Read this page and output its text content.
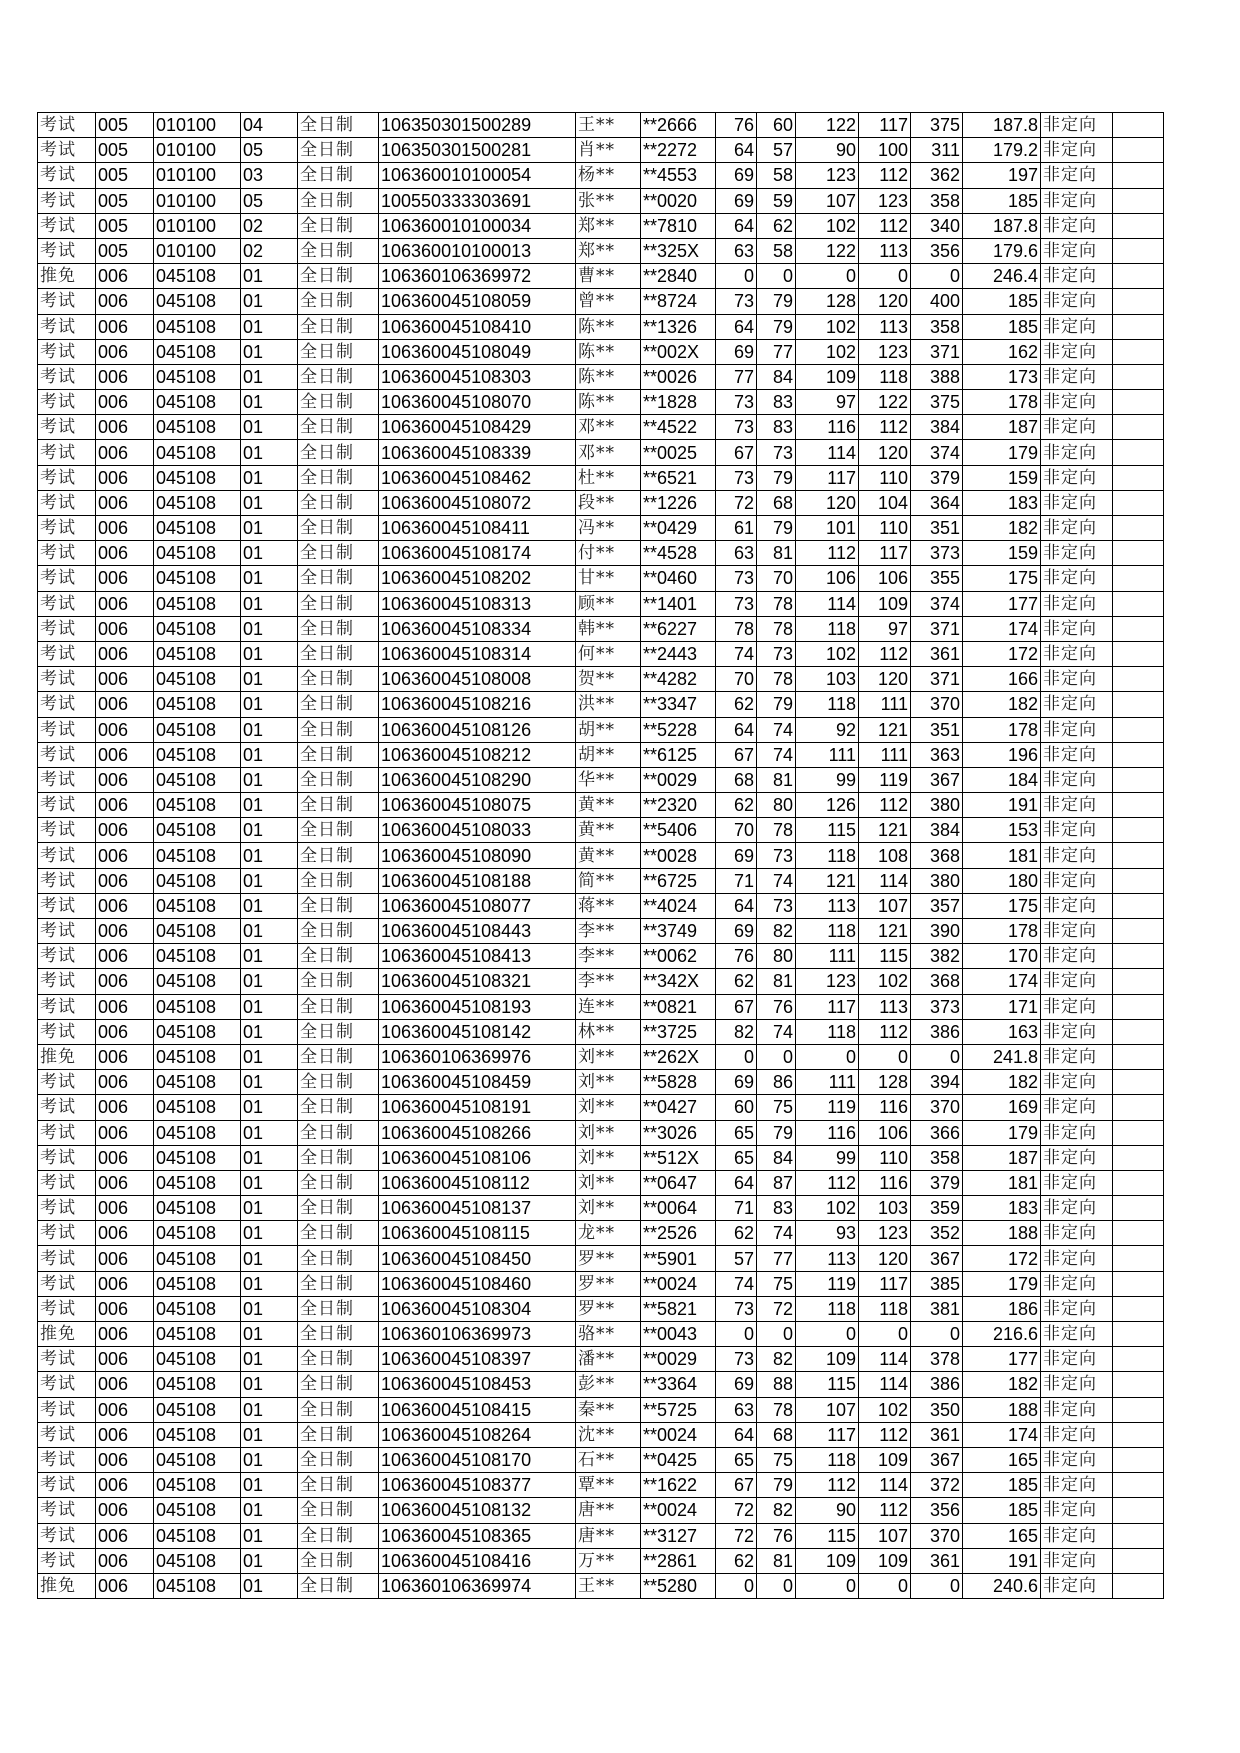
考试	005	010100	04	全日制	106350301500289	王**	**2666	76	60	122	117	375	187.8	非定向	
考试	005	010100	05	全日制	106350301500281	肖**	**2272	64	57	90	100	311	179.2	非定向	
考试	005	010100	03	全日制	106360010100054	杨**	**4553	69	58	123	112	362	197	非定向	
考试	005	010100	05	全日制	100550333303691	张**	**0020	69	59	107	123	358	185	非定向	
考试	005	010100	02	全日制	106360010100034	郑**	**7810	64	62	102	112	340	187.8	非定向	
考试	005	010100	02	全日制	106360010100013	郑**	**325X	63	58	122	113	356	179.6	非定向	
推免	006	045108	01	全日制	106360106369972	曹**	**2840	0	0	0	0	0	246.4	非定向	
考试	006	045108	01	全日制	106360045108059	曾**	**8724	73	79	128	120	400	185	非定向	
考试	006	045108	01	全日制	106360045108410	陈**	**1326	64	79	102	113	358	185	非定向	
考试	006	045108	01	全日制	106360045108049	陈**	**002X	69	77	102	123	371	162	非定向	
考试	006	045108	01	全日制	106360045108303	陈**	**0026	77	84	109	118	388	173	非定向	
考试	006	045108	01	全日制	106360045108070	陈**	**1828	73	83	97	122	375	178	非定向	
考试	006	045108	01	全日制	106360045108429	邓**	**4522	73	83	116	112	384	187	非定向	
考试	006	045108	01	全日制	106360045108339	邓**	**0025	67	73	114	120	374	179	非定向	
考试	006	045108	01	全日制	106360045108462	杜**	**6521	73	79	117	110	379	159	非定向	
考试	006	045108	01	全日制	106360045108072	段**	**1226	72	68	120	104	364	183	非定向	
考试	006	045108	01	全日制	106360045108411	冯**	**0429	61	79	101	110	351	182	非定向	
考试	006	045108	01	全日制	106360045108174	付**	**4528	63	81	112	117	373	159	非定向	
考试	006	045108	01	全日制	106360045108202	甘**	**0460	73	70	106	106	355	175	非定向	
考试	006	045108	01	全日制	106360045108313	顾**	**1401	73	78	114	109	374	177	非定向	
考试	006	045108	01	全日制	106360045108334	韩**	**6227	78	78	118	97	371	174	非定向	
考试	006	045108	01	全日制	106360045108314	何**	**2443	74	73	102	112	361	172	非定向	
考试	006	045108	01	全日制	106360045108008	贺**	**4282	70	78	103	120	371	166	非定向	
考试	006	045108	01	全日制	106360045108216	洪**	**3347	62	79	118	111	370	182	非定向	
考试	006	045108	01	全日制	106360045108126	胡**	**5228	64	74	92	121	351	178	非定向	
考试	006	045108	01	全日制	106360045108212	胡**	**6125	67	74	111	111	363	196	非定向	
考试	006	045108	01	全日制	106360045108290	华**	**0029	68	81	99	119	367	184	非定向	
考试	006	045108	01	全日制	106360045108075	黄**	**2320	62	80	126	112	380	191	非定向	
考试	006	045108	01	全日制	106360045108033	黄**	**5406	70	78	115	121	384	153	非定向	
考试	006	045108	01	全日制	106360045108090	黄**	**0028	69	73	118	108	368	181	非定向	
考试	006	045108	01	全日制	106360045108188	简**	**6725	71	74	121	114	380	180	非定向	
考试	006	045108	01	全日制	106360045108077	蒋**	**4024	64	73	113	107	357	175	非定向	
考试	006	045108	01	全日制	106360045108443	李**	**3749	69	82	118	121	390	178	非定向	
考试	006	045108	01	全日制	106360045108413	李**	**0062	76	80	111	115	382	170	非定向	
考试	006	045108	01	全日制	106360045108321	李**	**342X	62	81	123	102	368	174	非定向	
考试	006	045108	01	全日制	106360045108193	连**	**0821	67	76	117	113	373	171	非定向	
考试	006	045108	01	全日制	106360045108142	林**	**3725	82	74	118	112	386	163	非定向	
推免	006	045108	01	全日制	106360106369976	刘**	**262X	0	0	0	0	0	241.8	非定向	
考试	006	045108	01	全日制	106360045108459	刘**	**5828	69	86	111	128	394	182	非定向	
考试	006	045108	01	全日制	106360045108191	刘**	**0427	60	75	119	116	370	169	非定向	
考试	006	045108	01	全日制	106360045108266	刘**	**3026	65	79	116	106	366	179	非定向	
考试	006	045108	01	全日制	106360045108106	刘**	**512X	65	84	99	110	358	187	非定向	
考试	006	045108	01	全日制	106360045108112	刘**	**0647	64	87	112	116	379	181	非定向	
考试	006	045108	01	全日制	106360045108137	刘**	**0064	71	83	102	103	359	183	非定向	
考试	006	045108	01	全日制	106360045108115	龙**	**2526	62	74	93	123	352	188	非定向	
考试	006	045108	01	全日制	106360045108450	罗**	**5901	57	77	113	120	367	172	非定向	
考试	006	045108	01	全日制	106360045108460	罗**	**0024	74	75	119	117	385	179	非定向	
考试	006	045108	01	全日制	106360045108304	罗**	**5821	73	72	118	118	381	186	非定向	
推免	006	045108	01	全日制	106360106369973	骆**	**0043	0	0	0	0	0	216.6	非定向	
考试	006	045108	01	全日制	106360045108397	潘**	**0029	73	82	109	114	378	177	非定向	
考试	006	045108	01	全日制	106360045108453	彭**	**3364	69	88	115	114	386	182	非定向	
考试	006	045108	01	全日制	106360045108415	秦**	**5725	63	78	107	102	350	188	非定向	
考试	006	045108	01	全日制	106360045108264	沈**	**0024	64	68	117	112	361	174	非定向	
考试	006	045108	01	全日制	106360045108170	石**	**0425	65	75	118	109	367	165	非定向	
考试	006	045108	01	全日制	106360045108377	覃**	**1622	67	79	112	114	372	185	非定向	
考试	006	045108	01	全日制	106360045108132	唐**	**0024	72	82	90	112	356	185	非定向	
考试	006	045108	01	全日制	106360045108365	唐**	**3127	72	76	115	107	370	165	非定向	
考试	006	045108	01	全日制	106360045108416	万**	**2861	62	81	109	109	361	191	非定向	
推免	006	045108	01	全日制	106360106369974	王**	**5280	0	0	0	0	0	240.6	非定向	
